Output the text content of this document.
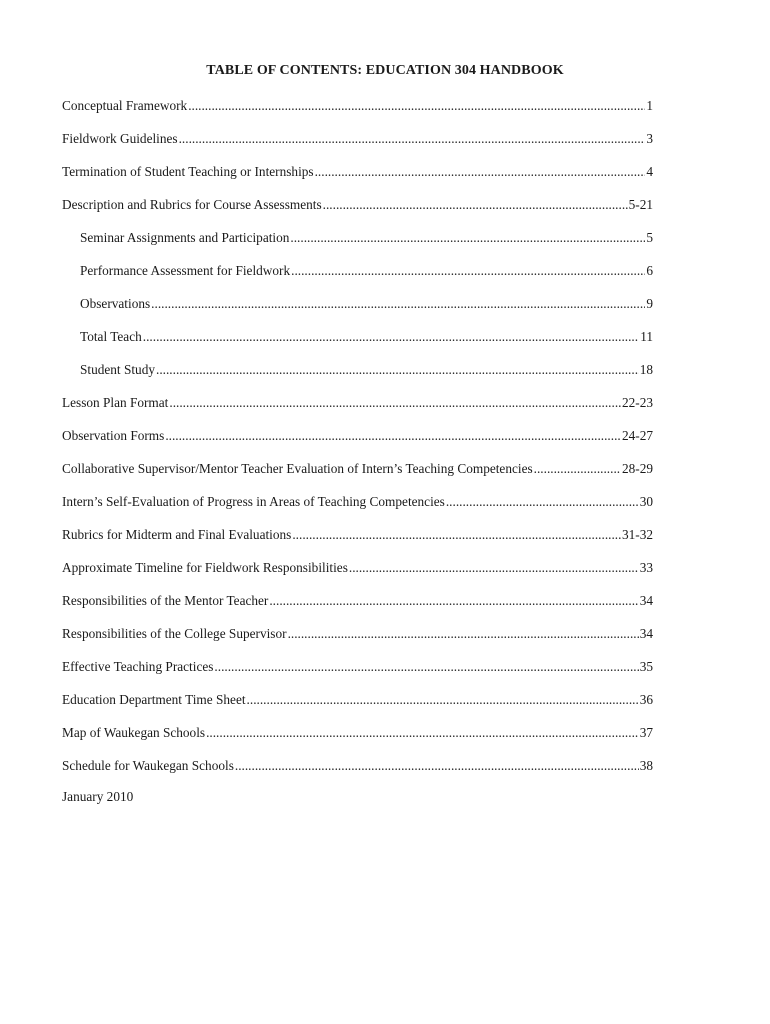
TABLE OF CONTENTS: EDUCATION 304 HANDBOOK
Conceptual Framework .....	1
Fieldwork Guidelines .....	3
Termination of Student Teaching or Internships .....	4
Description and Rubrics for Course Assessments .....	5-21
Seminar Assignments and Participation .....	5
Performance Assessment for Fieldwork .....	6
Observations .....	9
Total Teach .....	11
Student Study .....	18
Lesson Plan Format .....	22-23
Observation Forms .....	24-27
Collaborative Supervisor/Mentor Teacher Evaluation of Intern’s Teaching Competencies .....	28-29
Intern’s Self-Evaluation of Progress in Areas of Teaching Competencies .....	30
Rubrics for Midterm and Final Evaluations .....	31-32
Approximate Timeline for Fieldwork Responsibilities .....	33
Responsibilities of the Mentor Teacher .....	34
Responsibilities of the College Supervisor .....	34
Effective Teaching Practices .....	35
Education Department Time Sheet .....	36
Map of Waukegan Schools .....	37
Schedule for Waukegan Schools .....	38
January 2010
